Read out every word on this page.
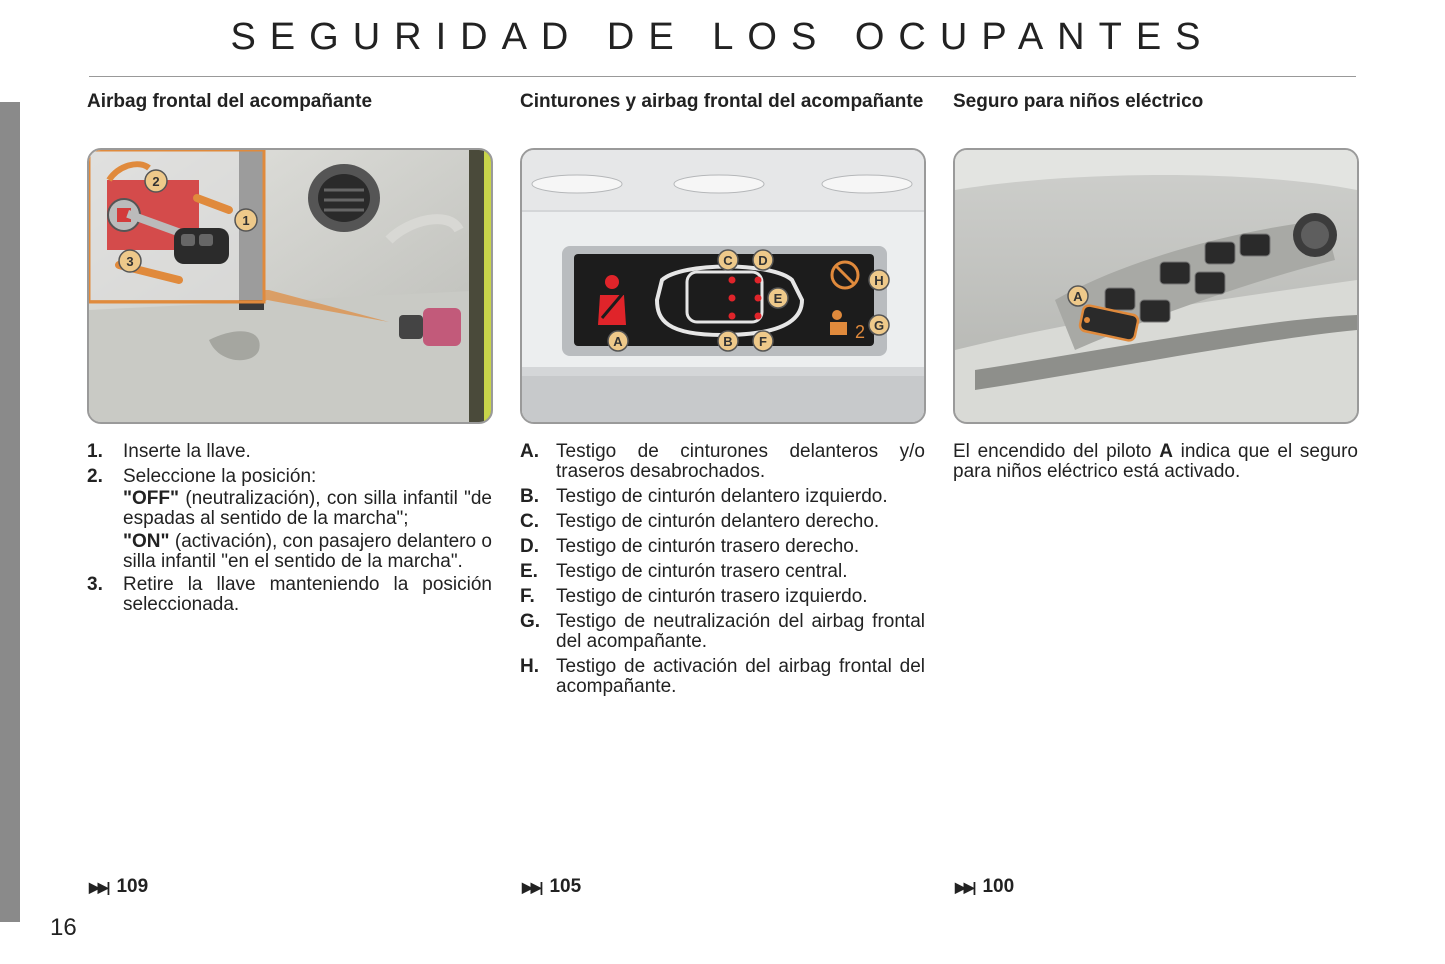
16
SEGURIDAD DE LOS OCUPANTES
Airbag frontal del acompañante
1
2
3
1.	Inserte la llave.
2.	Seleccione la posición:
"OFF" (neutralización), con silla infantil "de espadas al sentido de la marcha";
"ON" (activación), con pasajero delantero o silla infantil "en el sentido de la marcha".
3.	Retire la llave manteniendo la posición seleccionada.
Cinturones y airbag frontal del acompañante
2
A	B
C D
E
F
G
H
A. Testigo de cinturones delanteros y/o traseros desabrochados.
B. Testigo de cinturón delantero izquierdo.
C. Testigo de cinturón delantero derecho.
D. Testigo de cinturón trasero derecho.
E. Testigo de cinturón trasero central.
F.	Testigo de cinturón trasero izquierdo.
G. Testigo de neutralización del airbag frontal del acompañante.
H. Testigo de activación del airbag frontal del acompañante.
Seguro para niños eléctrico
A
El encendido del piloto A indica que el seguro para niños eléctrico está activado.
▶▶| 109	▶▶| 105	▶▶| 100
